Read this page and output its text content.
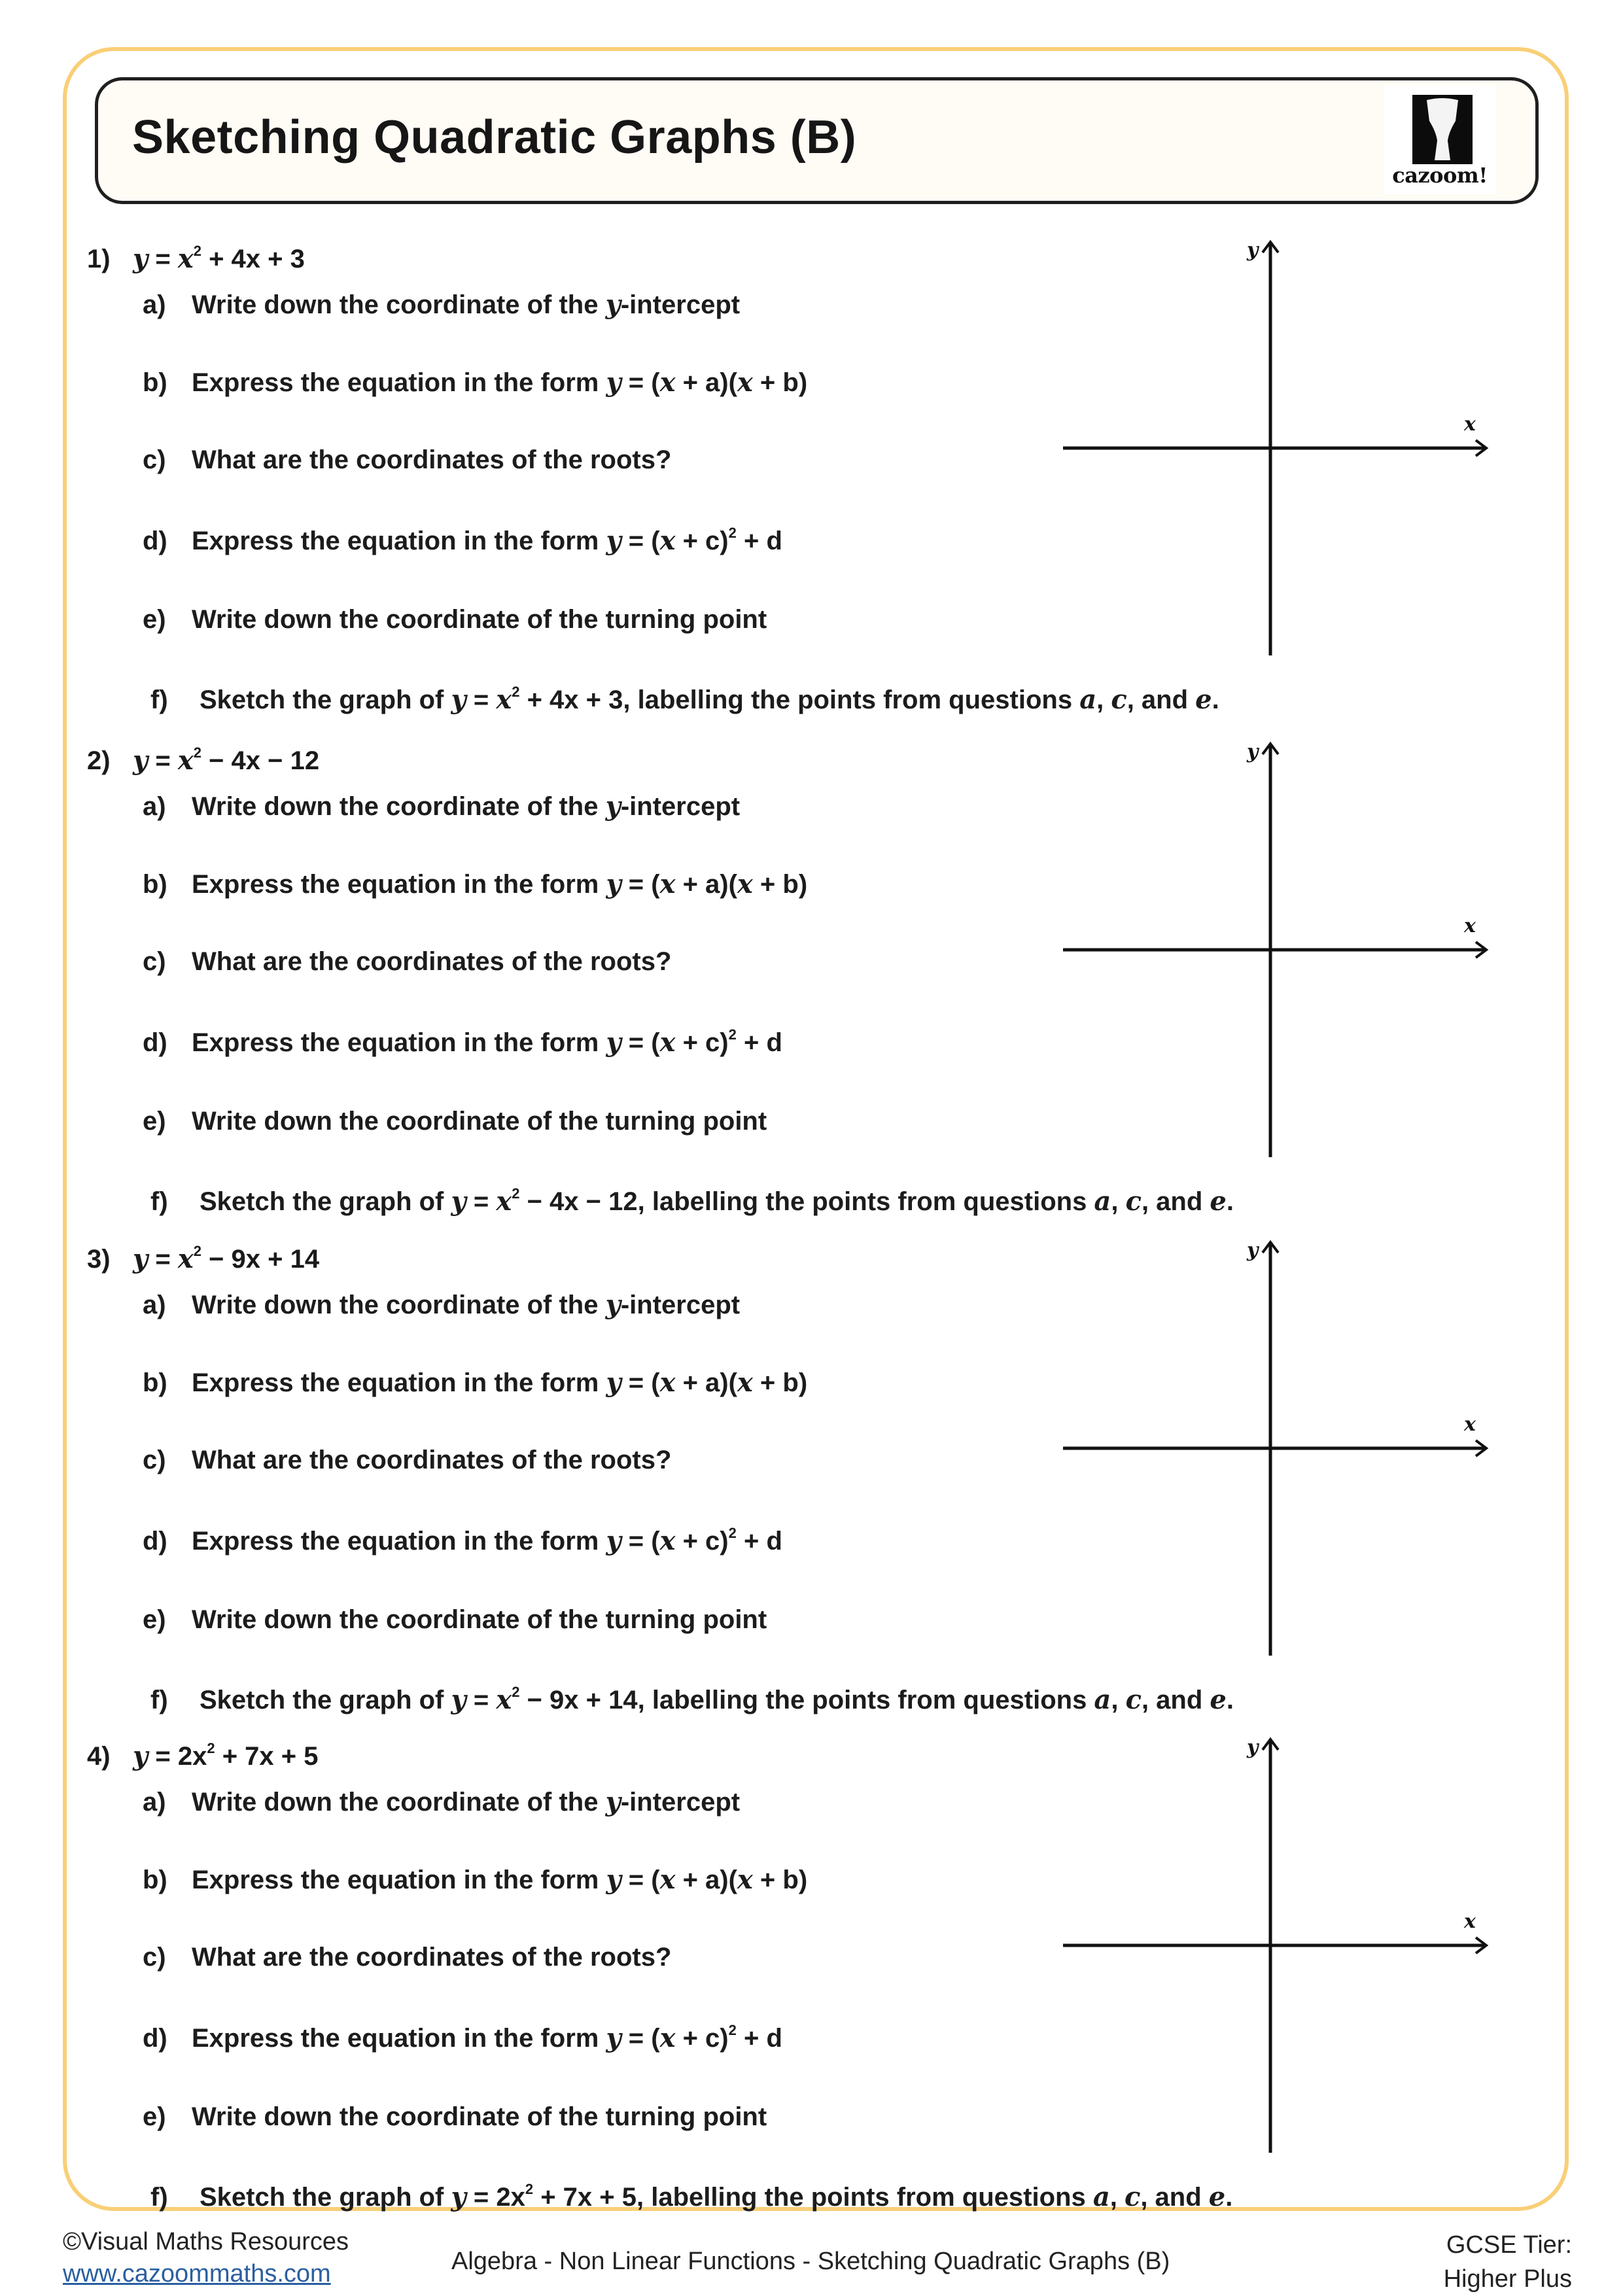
Sketching Quadratic Graphs (B)
cazoom!
1) $y = x^2 + 4x + 3$
a) Write down the coordinate of the y-intercept
b) Express the equation in the form y = (x + a)(x + b)
c) What are the coordinates of the roots?
d) Express the equation in the form $y = (x + c)^2 + d$
e) Write down the coordinate of the turning point
f) Sketch the graph of $y = x^2 + 4x + 3$, labelling the points from questions a, c, and e.
y
x
2) $y = x^2 - 4x - 12$
a) Write down the coordinate of the y-intercept
b) Express the equation in the form y = (x + a)(x + b)
c) What are the coordinates of the roots?
d) Express the equation in the form $y = (x + c)^2 + d$
e) Write down the coordinate of the turning point
f) Sketch the graph of $y = x^2 - 4x - 12$, labelling the points from questions a, c, and e.
y
x
3) $y = x^2 - 9x + 14$
a) Write down the coordinate of the y-intercept
b) Express the equation in the form y = (x + a)(x + b)
c) What are the coordinates of the roots?
d) Express the equation in the form $y = (x + c)^2 + d$
e) Write down the coordinate of the turning point
f) Sketch the graph of $y = x^2 - 9x + 14$, labelling the points from questions a, c, and e.
y
x
4) $y = 2x^2 + 7x + 5$
a) Write down the coordinate of the y-intercept
b) Express the equation in the form y = (x + a)(x + b)
c) What are the coordinates of the roots?
d) Express the equation in the form $y = (x + c)^2 + d$
e) Write down the coordinate of the turning point
f) Sketch the graph of $y = 2x^2 + 7x + 5$, labelling the points from questions a, c, and e.
y
x
©Visual Maths Resources
www.cazoommaths.com	Algebra - Non Linear Functions - Sketching Quadratic Graphs (B)
GCSE Tier:
Higher Plus
